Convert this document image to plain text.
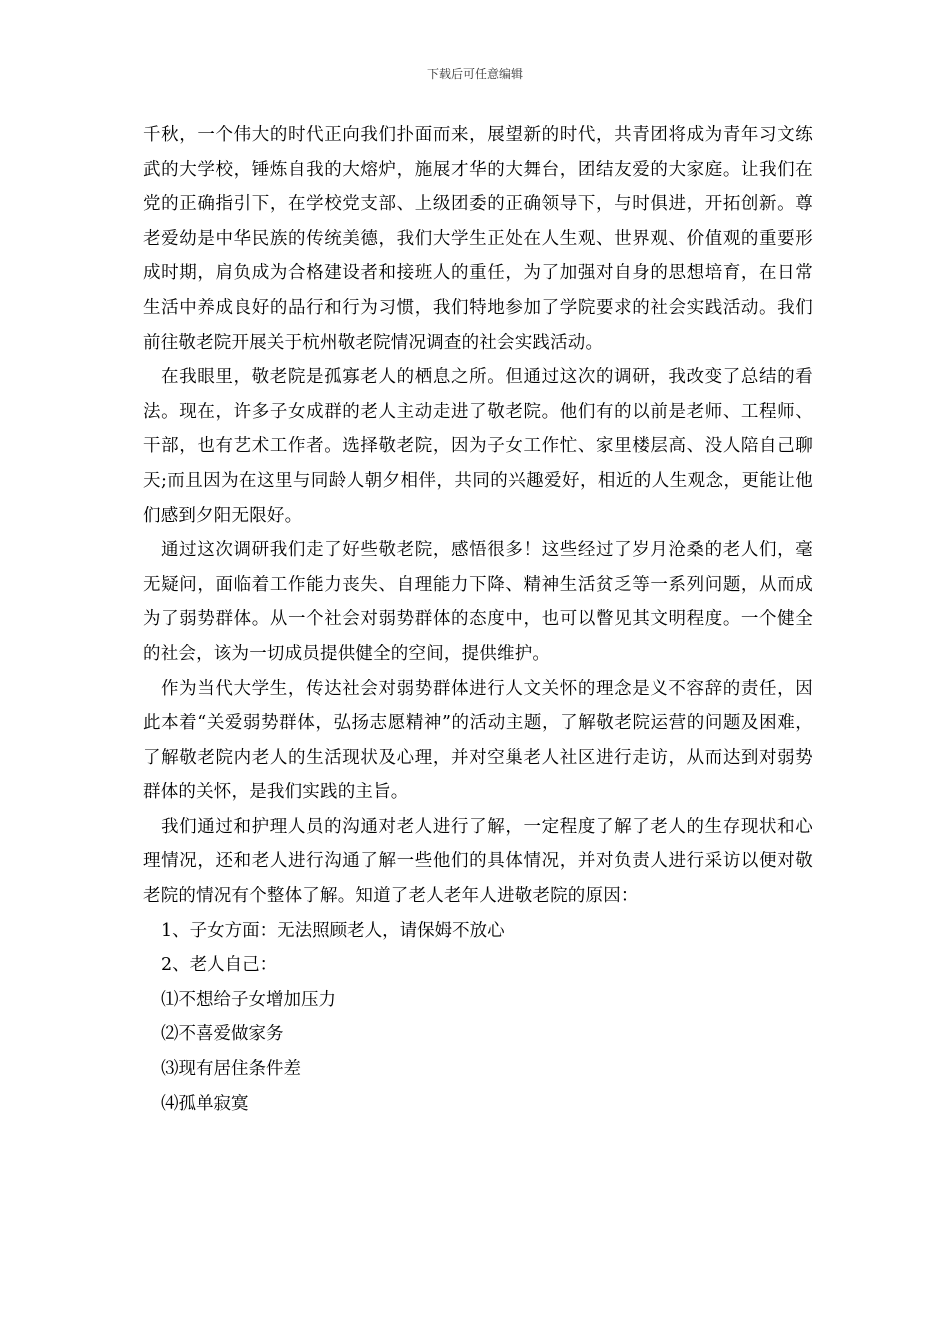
下载后可任意编辑

千秋，一个伟大的时代正向我们扑面而来，展望新的时代，共青团将成为青年习文练武的大学校，锤炼自我的大熔炉，施展才华的大舞台，团结友爱的大家庭。让我们在党的正确指引下，在学校党支部、上级团委的正确领导下，与时俱进，开拓创新。尊老爱幼是中华民族的传统美德，我们大学生正处在人生观、世界观、价值观的重要形成时期，肩负成为合格建设者和接班人的重任，为了加强对自身的思想培育，在日常生活中养成良好的品行和行为习惯，我们特地参加了学院要求的社会实践活动。我们前往敬老院开展关于杭州敬老院情况调查的社会实践活动。

在我眼里，敬老院是孤寡老人的栖息之所。但通过这次的调研，我改变了总结的看法。现在，许多子女成群的老人主动走进了敬老院。他们有的以前是老师、工程师、干部，也有艺术工作者。选择敬老院，因为子女工作忙、家里楼层高、没人陪自己聊天;而且因为在这里与同龄人朝夕相伴，共同的兴趣爱好，相近的人生观念，更能让他们感到夕阳无限好。

通过这次调研我们走了好些敬老院，感悟很多！这些经过了岁月沧桑的老人们，毫无疑问，面临着工作能力丧失、自理能力下降、精神生活贫乏等一系列问题，从而成为了弱势群体。从一个社会对弱势群体的态度中，也可以瞥见其文明程度。一个健全的社会，该为一切成员提供健全的空间，提供维护。

作为当代大学生，传达社会对弱势群体进行人文关怀的理念是义不容辞的责任，因此本着“关爱弱势群体，弘扬志愿精神”的活动主题，了解敬老院运营的问题及困难，了解敬老院内老人的生活现状及心理，并对空巢老人社区进行走访，从而达到对弱势群体的关怀，是我们实践的主旨。

我们通过和护理人员的沟通对老人进行了解，一定程度了解了老人的生存现状和心理情况，还和老人进行沟通了解一些他们的具体情况，并对负责人进行采访以便对敬老院的情况有个整体了解。知道了老人老年人进敬老院的原因：

1、子女方面：无法照顾老人，请保姆不放心

2、老人自己：

⑴不想给子女增加压力

⑵不喜爱做家务

⑶现有居住条件差

⑷孤单寂寞
